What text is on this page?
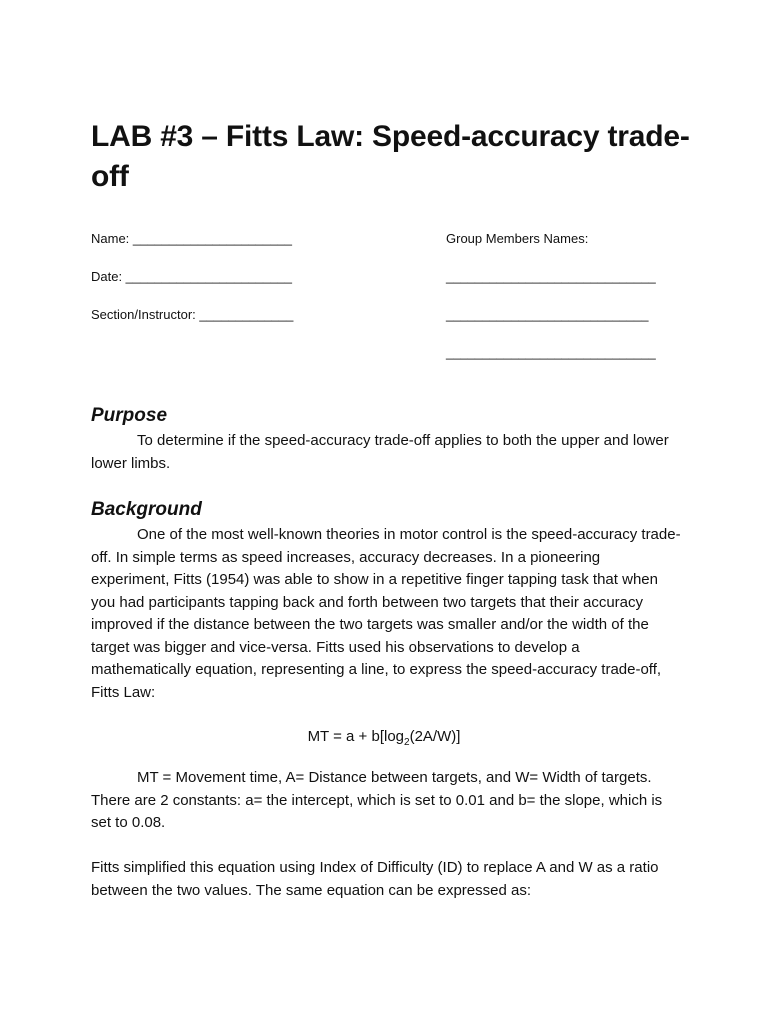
LAB #3 – Fitts Law: Speed-accuracy trade-off
Name: ______________________
Date: _______________________
Section/Instructor: _____________
Group Members Names:
_____________________________
____________________________
_____________________________
Purpose

To determine if the speed-accuracy trade-off applies to both the upper and lower lower limbs.

Background

One of the most well-known theories in motor control is the speed-accuracy trade-off. In simple terms as speed increases, accuracy decreases. In a pioneering experiment, Fitts (1954) was able to show in a repetitive finger tapping task that when you had participants tapping back and forth between two targets that their accuracy improved if the distance between the two targets was smaller and/or the width of the target was bigger and vice-versa. Fitts used his observations to develop a mathematically equation, representing a line, to express the speed-accuracy trade-off, Fitts Law:

MT = $a + b[\log_2(2A/W)]$

MT = Movement time, A= Distance between targets, and W= Width of targets. There are 2 constants: a= the intercept, which is set to 0.01 and b= the slope, which is set to 0.08.

Fitts simplified this equation using Index of Difficulty (ID) to replace A and W as a ratio between the two values. The same equation can be expressed as:
